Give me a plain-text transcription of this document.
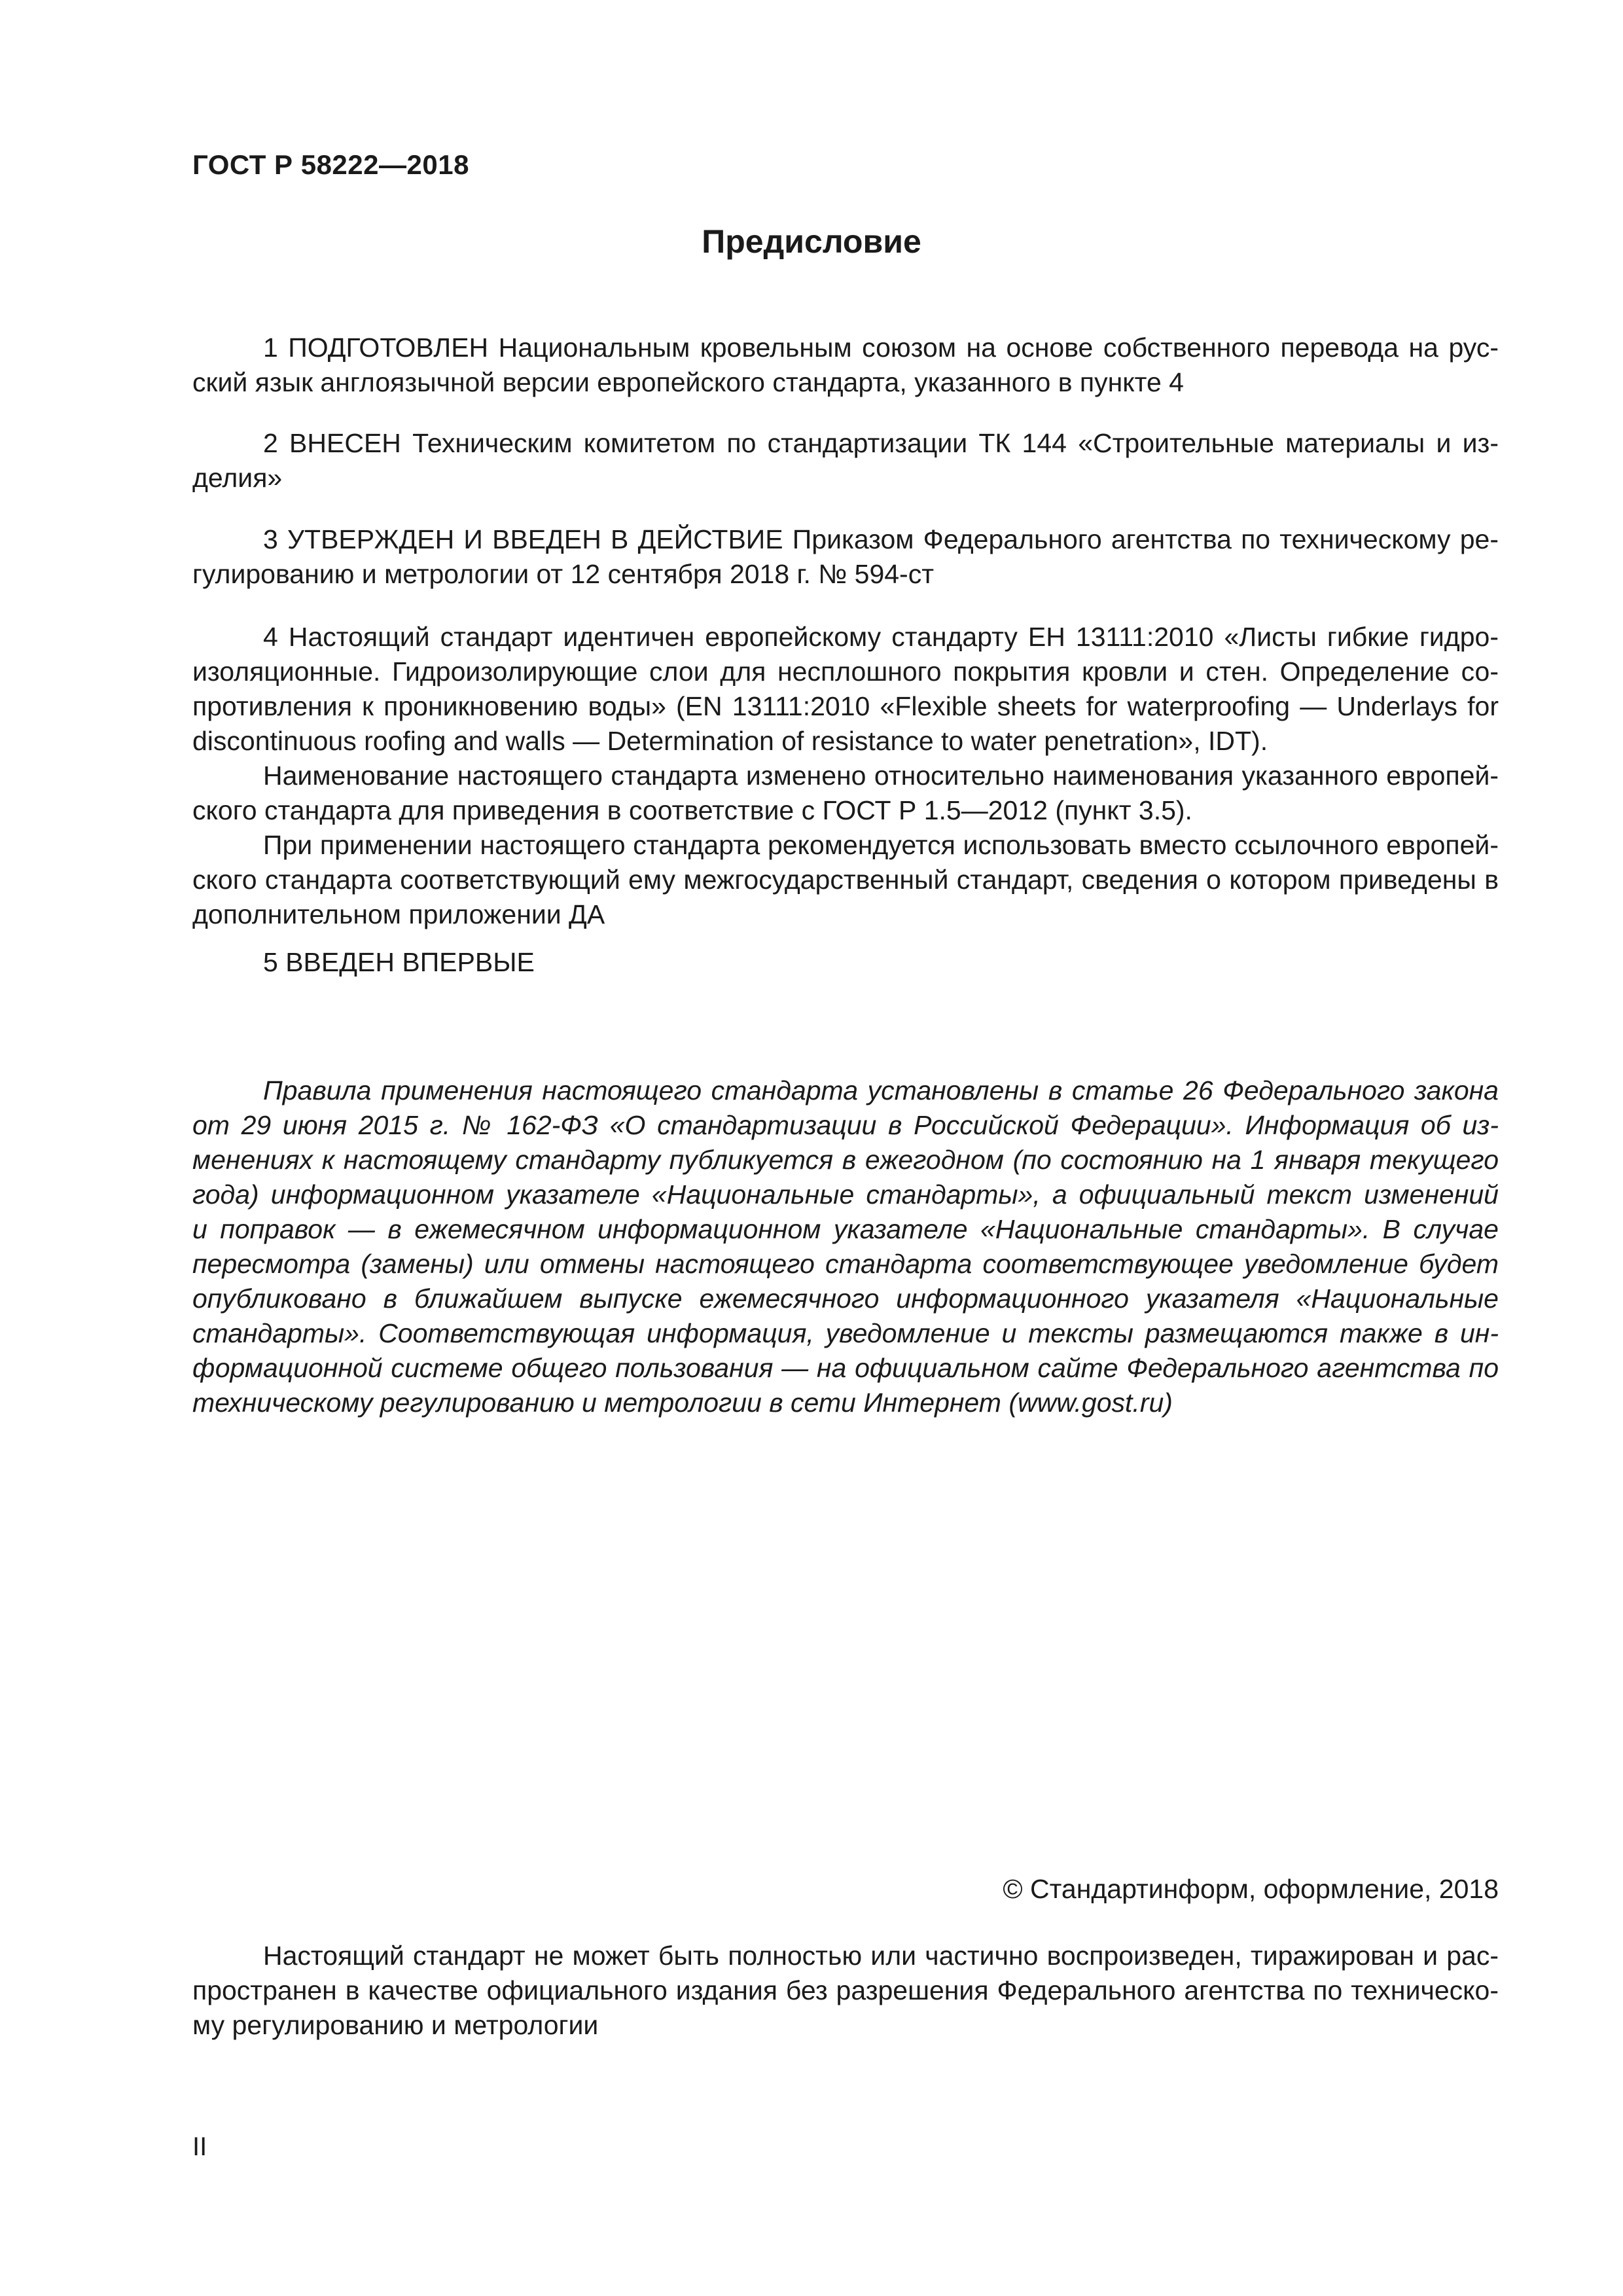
ГОСТ Р 58222—2018
Предисловие

1 ПОДГОТОВЛЕН Национальным кровельным союзом на основе собственного перевода на рус-

ский язык англоязычной версии европейского стандарта, указанного в пункте 4

2 ВНЕСЕН Техническим комитетом по стандартизации ТК 144 «Строительные материалы и из-

делия»

3 УТВЕРЖДЕН И ВВЕДЕН В ДЕЙСТВИЕ Приказом Федерального агентства по техническому ре-

гулированию и метрологии от 12 сентября 2018 г. № 594-ст

4 Настоящий стандарт идентичен европейскому стандарту ЕН 13111:2010 «Листы гибкие гидро-

изоляционные. Гидроизолирующие слои для несплошного покрытия кровли и стен. Определение со-

противления к проникновению воды» (EN 13111:2010 «Flexible sheets for waterproofing — Underlays for

discontinuous roofing and walls — Determination of resistance to water penetration», IDT).

Наименование настоящего стандарта изменено относительно наименования указанного европей-

ского стандарта для приведения в соответствие с ГОСТ Р 1.5—2012 (пункт 3.5).

При применении настоящего стандарта рекомендуется использовать вместо ссылочного европей-

ского стандарта соответствующий ему межгосударственный стандарт, сведения о котором приведены в

дополнительном приложении ДА

5 ВВЕДЕН ВПЕРВЫЕ

Правила применения настоящего стандарта установлены в статье 26 Федерального закона

от 29 июня 2015 г. № 162-ФЗ «О стандартизации в Российской Федерации». Информация об из-

менениях к настоящему стандарту публикуется в ежегодном (по состоянию на 1 января текущего

года) информационном указателе «Национальные стандарты», а официальный текст изменений

и поправок — в ежемесячном информационном указателе «Национальные стандарты». В случае

пересмотра (замены) или отмены настоящего стандарта соответствующее уведомление будет

опубликовано в ближайшем выпуске ежемесячного информационного указателя «Национальные

стандарты». Соответствующая информация, уведомление и тексты размещаются также в ин-

формационной системе общего пользования — на официальном сайте Федерального агентства по

техническому регулированию и метрологии в сети Интернет (www.gost.ru)

© Стандартинформ, оформление, 2018

Настоящий стандарт не может быть полностью или частично воспроизведен, тиражирован и рас-

пространен в качестве официального издания без разрешения Федерального агентства по техническо-

му регулированию и метрологии

II
